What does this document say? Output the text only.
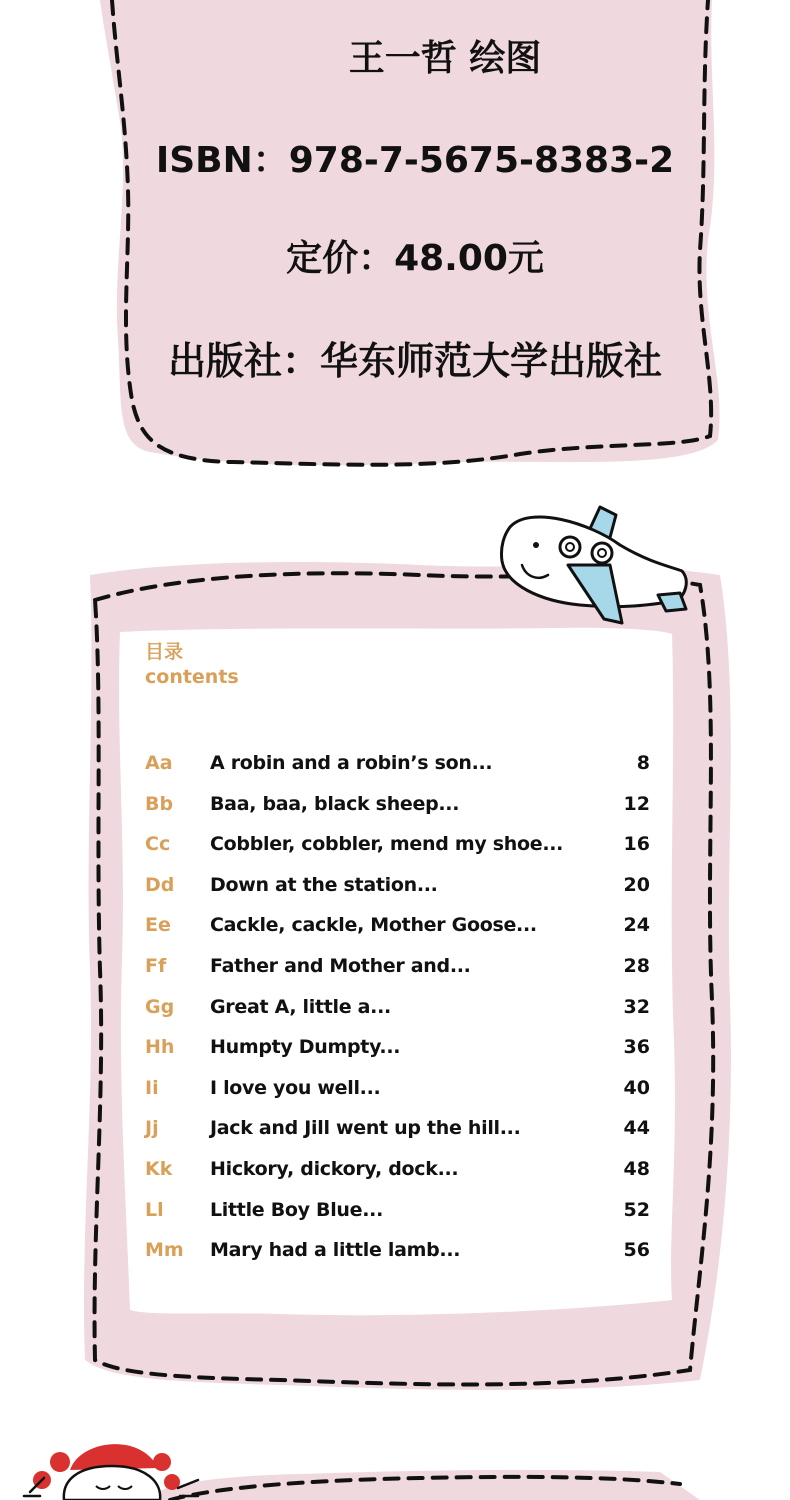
王一哲 绘图
ISBN：978-7-5675-8383-2
定价：48.00元
出版社：华东师范大学出版社
目录
contents
Aa A robin and a robin’s son...	8
Bb Baa, baa, black sheep...	12
Cc Cobbler, cobbler, mend my shoe...	16
Dd Down at the station...	20
Ee Cackle, cackle, Mother Goose...	24
Ff Father and Mother and...	28
Gg Great A, little a...	32
Hh Humpty Dumpty...	36
Ii	I love you well...	40
Jj	Jack and Jill went up the hill...	44
Kk Hickory, dickory, dock...	48
Ll Little Boy Blue...	52
Mm Mary had a little lamb...	56
